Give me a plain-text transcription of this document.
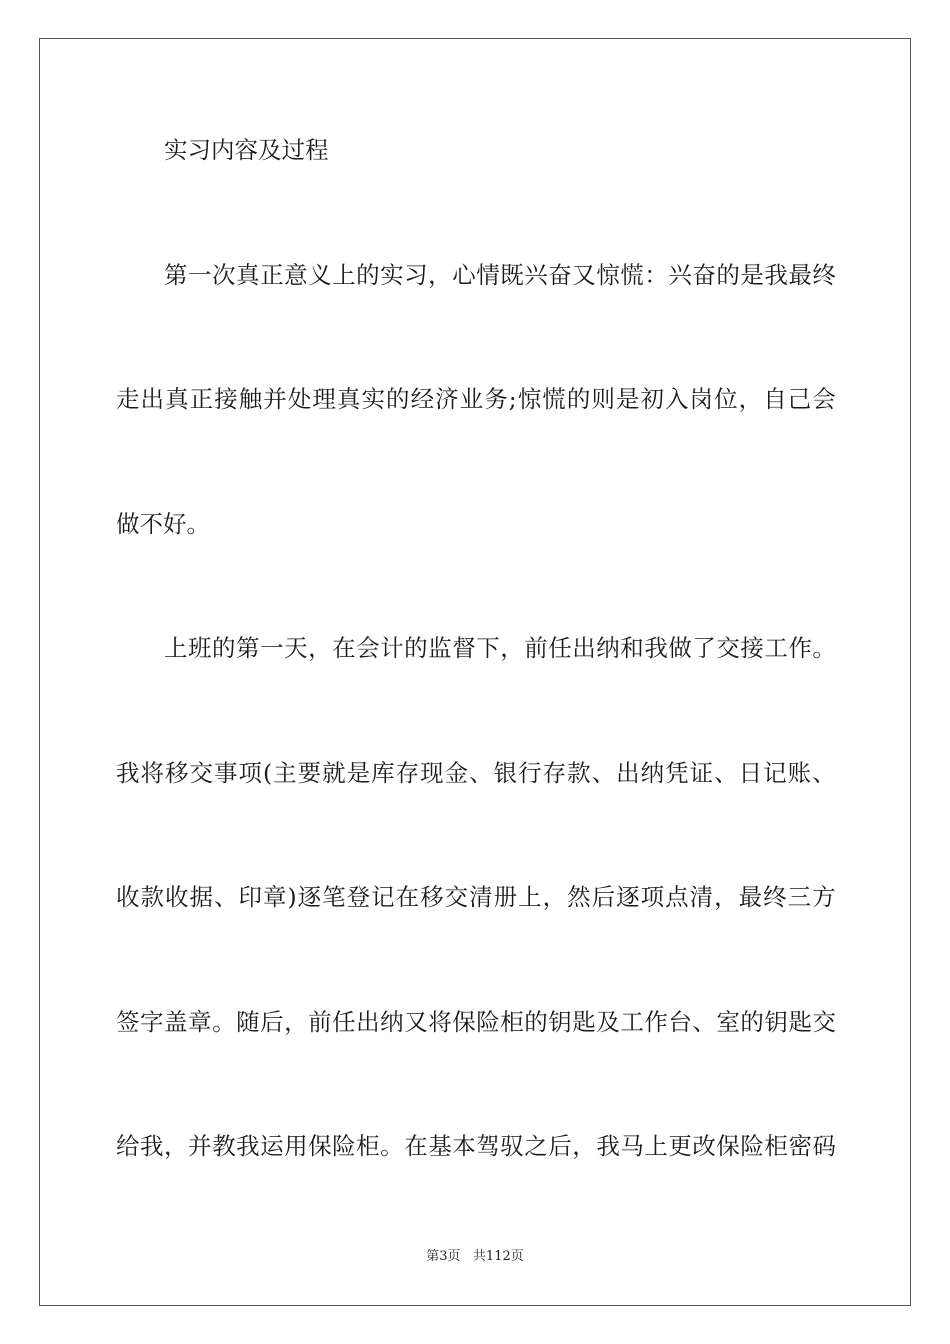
实习内容及过程
第 一 次 真 正 意 义 上 的 实 习 ， 心 情 既 兴 奋 又 惊 慌 ： 兴 奋 的 是 我 最 终
走 出 真 正 接 触 并 处 理 真 实 的 经 济 业 务 ; 惊 慌 的 则 是 初 入 岗 位 ， 自 己 会
做不好。
上 班 的 第 一 天 ， 在 会 计 的 监 督 下 ， 前 任 出 纳 和 我 做 了 交 接 工 作 。
我 将 移 交 事 项 ( 主 要 就 是 库 存 现 金 、 银 行 存 款 、 出 纳 凭 证 、 日 记 账 、
收 款 收 据 、 印 章 ) 逐 笔 登 记 在 移 交 清 册 上 ， 然 后 逐 项 点 清 ， 最 终 三 方
签 字 盖 章 。 随 后 ， 前 任 出 纳 又 将 保 险 柜 的 钥 匙 及 工 作 台 、 室 的 钥 匙 交
给 我 ， 并 教 我 运 用 保 险 柜 。 在 基 本 驾 驭 之 后 ， 我 马 上 更 改 保 险 柜 密 码
第3页 共112页
